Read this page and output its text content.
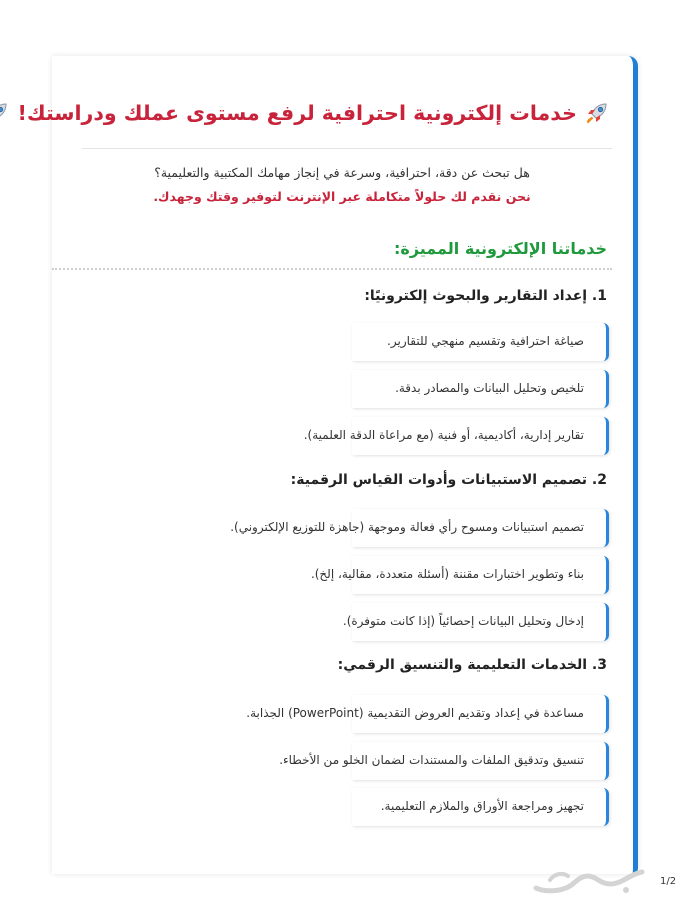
خدمات إلكترونية احترافية لرفع مستوى عملك ودراستك!
هل تبحث عن دقة، احترافية، وسرعة في إنجاز مهامك المكتبية والتعليمية؟
نحن نقدم لك حلولاً متكاملة عبر الإنترنت لتوفير وقتك وجهدك.
خدماتنا الإلكترونية المميزة:
1. إعداد التقارير والبحوث إلكترونيًا:
صياغة احترافية وتقسيم منهجي للتقارير.
تلخيص وتحليل البيانات والمصادر بدقة.
تقارير إدارية، أكاديمية، أو فنية (مع مراعاة الدقة العلمية).
2. تصميم الاستبيانات وأدوات القياس الرقمية:
تصميم استبيانات ومسوح رأي فعالة وموجهة (جاهزة للتوزيع الإلكتروني).
بناء وتطوير اختبارات مقننة (أسئلة متعددة، مقالية، إلخ).
إدخال وتحليل البيانات إحصائياً (إذا كانت متوفرة).
3. الخدمات التعليمية والتنسيق الرقمي:
مساعدة في إعداد وتقديم العروض التقديمية (PowerPoint) الجذابة.
تنسيق وتدقيق الملفات والمستندات لضمان الخلو من الأخطاء.
تجهيز ومراجعة الأوراق والملازم التعليمية.
1/2
